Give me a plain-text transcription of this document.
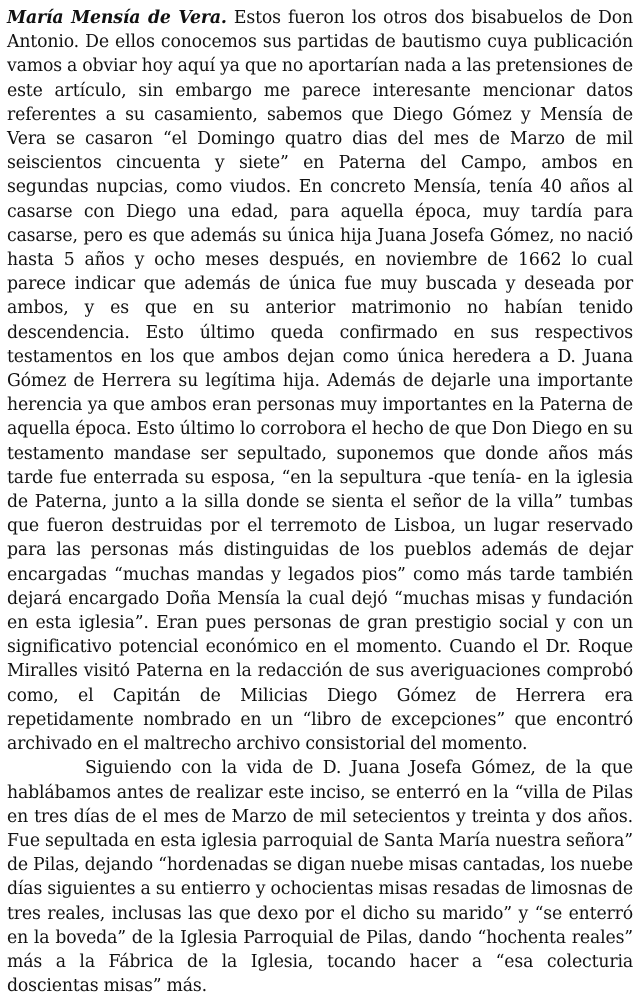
María Mensía de Vera. Estos fueron los otros dos bisabuelos de Don Antonio. De ellos conocemos sus partidas de bautismo cuya publicación vamos a obviar hoy aquí ya que no aportarían nada a las pretensiones de este artículo, sin embargo me parece interesante mencionar datos referentes a su casamiento, sabemos que Diego Gómez y Mensía de Vera se casaron “el Domingo quatro dias del mes de Marzo de mil seiscientos cincuenta y siete” en Paterna del Campo, ambos en segundas nupcias, como viudos. En concreto Mensía, tenía 40 años al casarse con Diego una edad, para aquella época, muy tardía para casarse, pero es que además su única hija Juana Josefa Gómez, no nació hasta 5 años y ocho meses después, en noviembre de 1662 lo cual parece indicar que además de única fue muy buscada y deseada por ambos, y es que en su anterior matrimonio no habían tenido descendencia. Esto último queda confirmado en sus respectivos testamentos en los que ambos dejan como única heredera a D. Juana Gómez de Herrera su legítima hija. Además de dejarle una importante herencia ya que ambos eran personas muy importantes en la Paterna de aquella época. Esto último lo corrobora el hecho de que Don Diego en su testamento mandase ser sepultado, suponemos que donde años más tarde fue enterrada su esposa, “en la sepultura -que tenía- en la iglesia de Paterna, junto a la silla donde se sienta el señor de la villa” tumbas que fueron destruidas por el terremoto de Lisboa, un lugar reservado para las personas más distinguidas de los pueblos además de dejar encargadas “muchas mandas y legados pios” como más tarde también dejará encargado Doña Mensía la cual dejó “muchas misas y fundación en esta iglesia”. Eran pues personas de gran prestigio social y con un significativo potencial económico en el momento. Cuando el Dr. Roque Miralles visitó Paterna en la redacción de sus averiguaciones comprobó como, el Capitán de Milicias Diego Gómez de Herrera era repetidamente nombrado en un “libro de excepciones” que encontró archivado en el maltrecho archivo consistorial del momento.

Siguiendo con la vida de D. Juana Josefa Gómez, de la que hablábamos antes de realizar este inciso, se enterró en la “villa de Pilas en tres días de el mes de Marzo de mil setecientos y treinta y dos años. Fue sepultada en esta iglesia parroquial de Santa María nuestra señora” de Pilas, dejando “hordenadas se digan nuebe misas cantadas, los nuebe días siguientes a su entierro y ochocientas misas resadas de limosnas de tres reales, inclusas las que dexo por el dicho su marido” y “se enterró en la boveda” de la Iglesia Parroquial de Pilas, dando “hochenta reales” más a la Fábrica de la Iglesia, tocando hacer a “esa colecturia doscientas misas” más.
